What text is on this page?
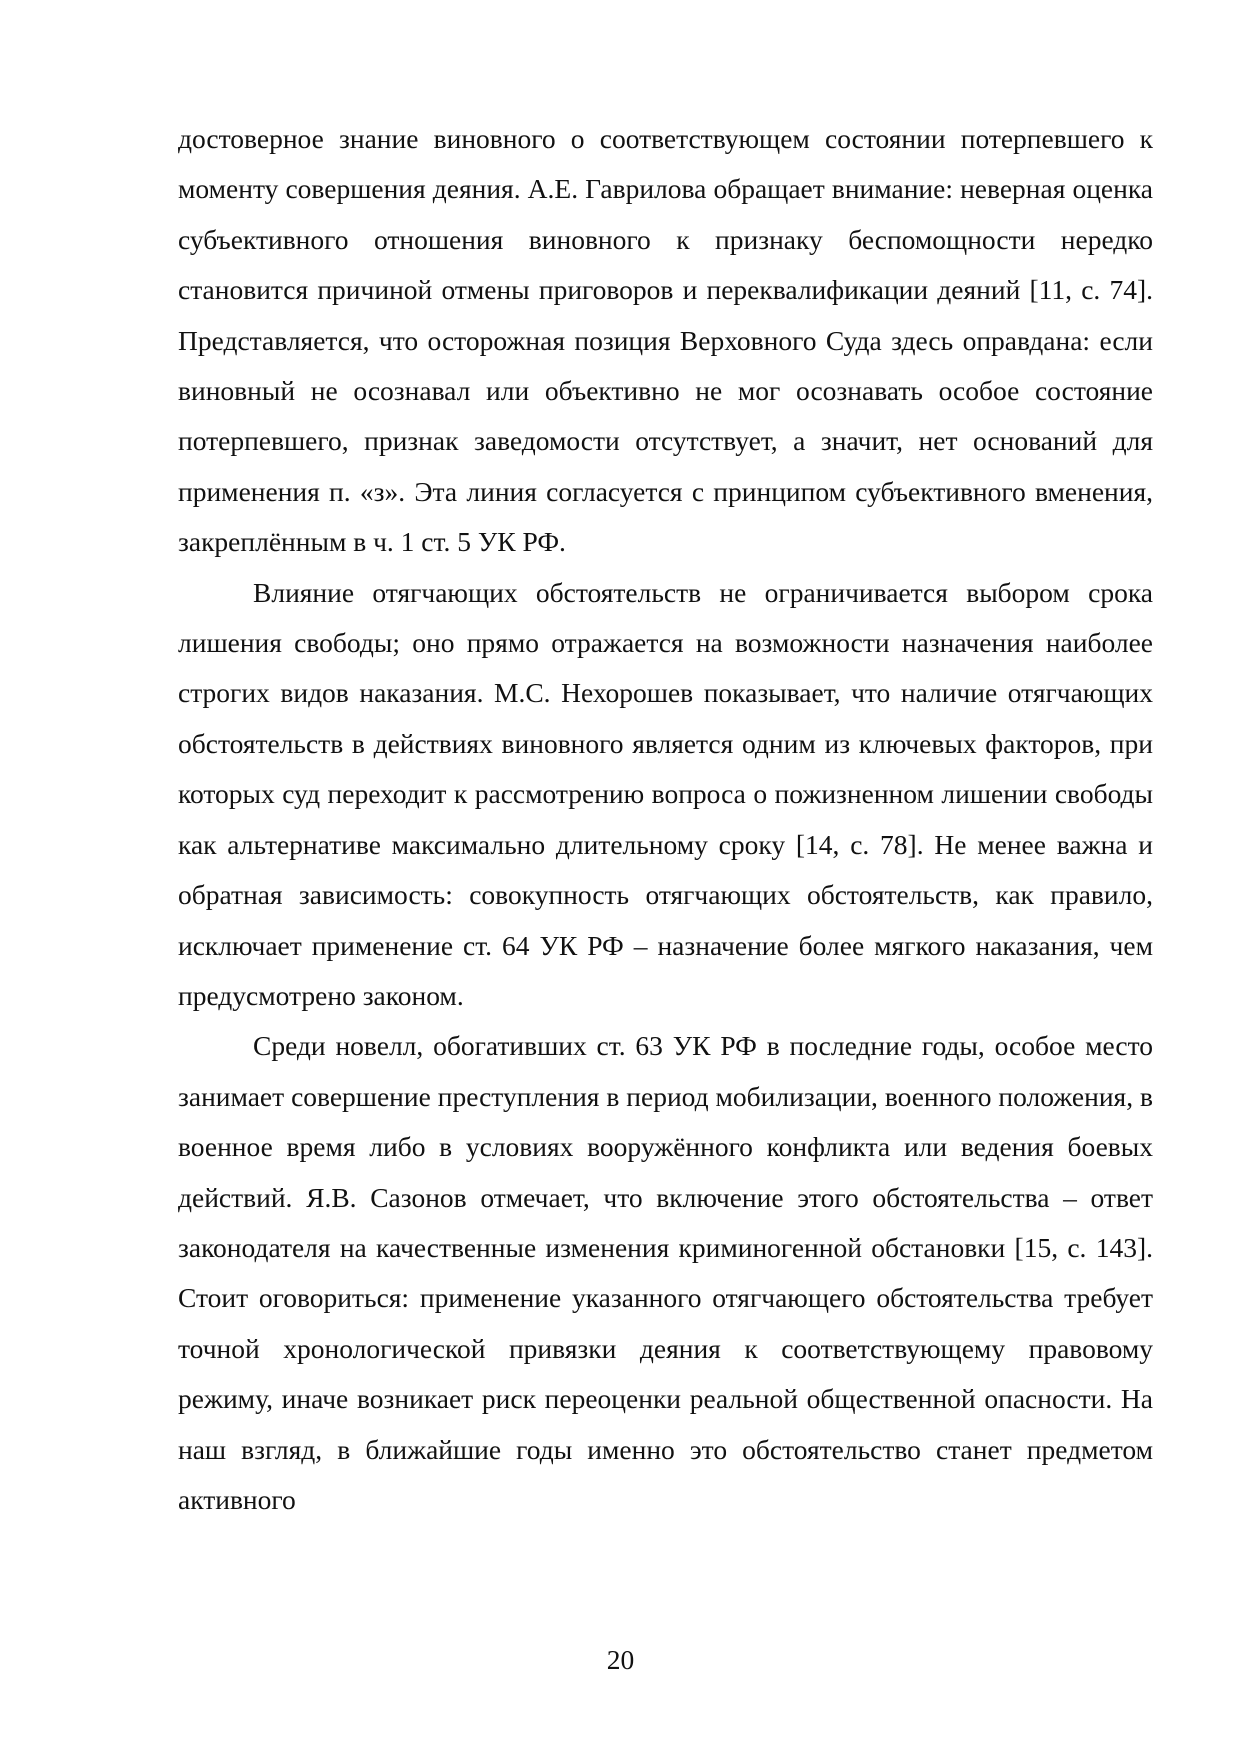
достоверное знание виновного о соответствующем состоянии потерпевшего к моменту совершения деяния. А.Е. Гаврилова обращает внимание: неверная оценка субъективного отношения виновного к признаку беспомощности нередко становится причиной отмены приговоров и переквалификации деяний [11, с. 74]. Представляется, что осторожная позиция Верховного Суда здесь оправдана: если виновный не осознавал или объективно не мог осознавать особое состояние потерпевшего, признак заведомости отсутствует, а значит, нет оснований для применения п. «з». Эта линия согласуется с принципом субъективного вменения, закреплённым в ч. 1 ст. 5 УК РФ.

Влияние отягчающих обстоятельств не ограничивается выбором срока лишения свободы; оно прямо отражается на возможности назначения наиболее строгих видов наказания. М.С. Нехорошев показывает, что наличие отягчающих обстоятельств в действиях виновного является одним из ключевых факторов, при которых суд переходит к рассмотрению вопроса о пожизненном лишении свободы как альтернативе максимально длительному сроку [14, с. 78]. Не менее важна и обратная зависимость: совокупность отягчающих обстоятельств, как правило, исключает применение ст. 64 УК РФ – назначение более мягкого наказания, чем предусмотрено законом.

Среди новелл, обогативших ст. 63 УК РФ в последние годы, особое место занимает совершение преступления в период мобилизации, военного положения, в военное время либо в условиях вооружённого конфликта или ведения боевых действий. Я.В. Сазонов отмечает, что включение этого обстоятельства – ответ законодателя на качественные изменения криминогенной обстановки [15, с. 143]. Стоит оговориться: применение указанного отягчающего обстоятельства требует точной хронологической привязки деяния к соответствующему правовому режиму, иначе возникает риск переоценки реальной общественной опасности. На наш взгляд, в ближайшие годы именно это обстоятельство станет предметом активного

20
